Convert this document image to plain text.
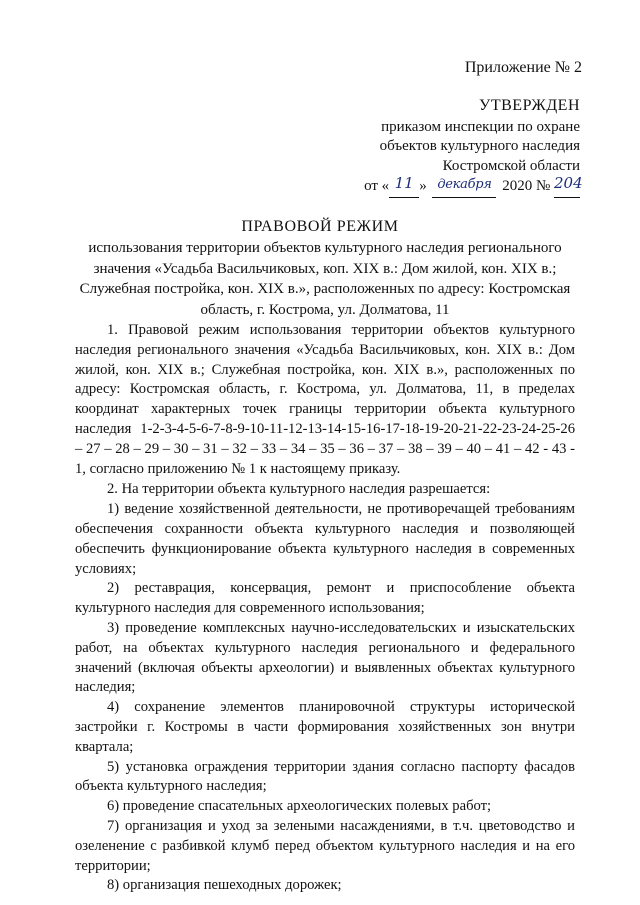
Приложение № 2
УТВЕРЖДЕН
приказом инспекции по охране
объектов культурного наследия
Костромской области
от « 11 » декабря 2020 № 204
ПРАВОВОЙ РЕЖИМ
использования территории объектов культурного наследия регионального значения «Усадьба Васильчиковых, коп. XIX в.: Дом жилой, кон. XIX в.; Служебная постройка, кон. XIX в.», расположенных по адресу: Костромская область, г. Кострома, ул. Долматова, 11

1. Правовой режим использования территории объектов культурного наследия регионального значения «Усадьба Васильчиковых, кон. XIX в.: Дом жилой, кон. XIX в.; Служебная постройка, кон. XIX в.», расположенных по адресу: Костромская область, г. Кострома, ул. Долматова, 11, в пределах координат характерных точек границы территории объекта культурного наследия 1-2-3-4-5-6-7-8-9-10-11-12-13-14-15-16-17-18-19-20-21-22-23-24-25-26 – 27 – 28 – 29 – 30 – 31 – 32 – 33 – 34 – 35 – 36 – 37 – 38 – 39 – 40 – 41 – 42 - 43 - 1, согласно приложению № 1 к настоящему приказу.

2. На территории объекта культурного наследия разрешается:

1) ведение хозяйственной деятельности, не противоречащей требованиям обеспечения сохранности объекта культурного наследия и позволяющей обеспечить функционирование объекта культурного наследия в современных условиях;

2) реставрация, консервация, ремонт и приспособление объекта культурного наследия для современного использования;

3) проведение комплексных научно-исследовательских и изыскательских работ, на объектах культурного наследия регионального и федерального значений (включая объекты археологии) и выявленных объектах культурного наследия;

4) сохранение элементов планировочной структуры исторической застройки г. Костромы в части формирования хозяйственных зон внутри квартала;

5) установка ограждения территории здания согласно паспорту фасадов объекта культурного наследия;

6) проведение спасательных археологических полевых работ;

7) организация и уход за зелеными насаждениями, в т.ч. цветоводство и озеленение с разбивкой клумб перед объектом культурного наследия и на его территории;

8) организация пешеходных дорожек;
